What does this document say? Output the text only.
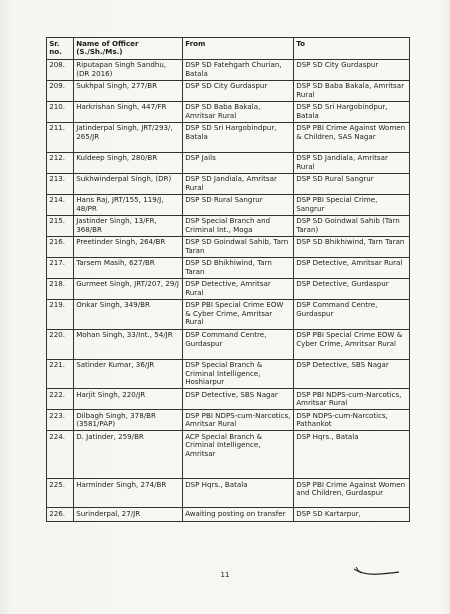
Sr. no.	Name of Officer (S./Sh./Ms.)	From	To
208.	Riputapan Singh Sandhu, (DR 2016)	DSP SD Fatehgarh Churian, Batala	DSP SD City Gurdaspur
209.	Sukhpal Singh, 277/BR	DSP SD City Gurdaspur	DSP SD Baba Bakala, Amritsar Rural
210.	Harkrishan Singh, 447/FR	DSP SD Baba Bakala, Amritsar Rural	DSP SD Sri Hargobindpur, Batala
211.	Jatinderpal Singh, JRT/293/, 265/JR	DSP SD Sri Hargobindpur, Batala	DSP PBI Crime Against Women & Children, SAS Nagar
212.	Kuldeep Singh, 280/BR	DSP Jails	DSP SD Jandiala, Amritsar Rural
213.	Sukhwinderpal Singh, (DR)	DSP SD Jandiala, Amritsar Rural	DSP SD Rural Sangrur
214.	Hans Raj, JRT/155, 119/J, 48/PR	DSP SD Rural Sangrur	DSP PBI Special Crime, Sangrur
215.	Jastinder Singh, 13/FR, 368/BR	DSP Special Branch and Criminal Int., Moga	DSP SD Goindwal Sahib (Tarn Taran)
216.	Preetinder Singh, 264/BR	DSP SD Goindwal Sahib, Tarn Taran	DSP SD Bhikhiwind, Tarn Taran
217.	Tarsem Masih, 627/BR	DSP SD Bhikhiwind, Tarn Taran	DSP Detective, Amritsar Rural
218.	Gurmeet Singh, JRT/207, 29/J	DSP Detective, Amritsar Rural	DSP Detective, Gurdaspur
219.	Onkar Singh, 349/BR	DSP PBI Special Crime EOW & Cyber Crime, Amritsar Rural	DSP Command Centre, Gurdaspur
220.	Mohan Singh, 33/Int., 54/JR	DSP Command Centre, Gurdaspur	DSP PBI Special Crime EOW & Cyber Crime, Amritsar Rural
221.	Satinder Kumar, 36/JR	DSP Special Branch & Criminal Intelligence, Hoshiarpur	DSP Detective, SBS Nagar
222.	Harjit Singh, 220/JR	DSP Detective, SBS Nagar	DSP PBI NDPS-cum-Narcotics, Amritsar Rural
223.	Dilbagh Singh, 378/BR (3581/PAP)	DSP PBI NDPS-cum-Narcotics, Amritsar Rural	DSP NDPS-cum-Narcotics, Pathankot
224.	D. Jatinder, 259/BR	ACP Special Branch & Criminal Intelligence, Amritsar	DSP Hqrs., Batala
225.	Harminder Singh, 274/BR	DSP Hqrs., Batala	DSP PBI Crime Against Women and Children, Gurdaspur
226.	Surinderpal, 27/JR	Awaiting posting on transfer	DSP SD Kartarpur,
11
